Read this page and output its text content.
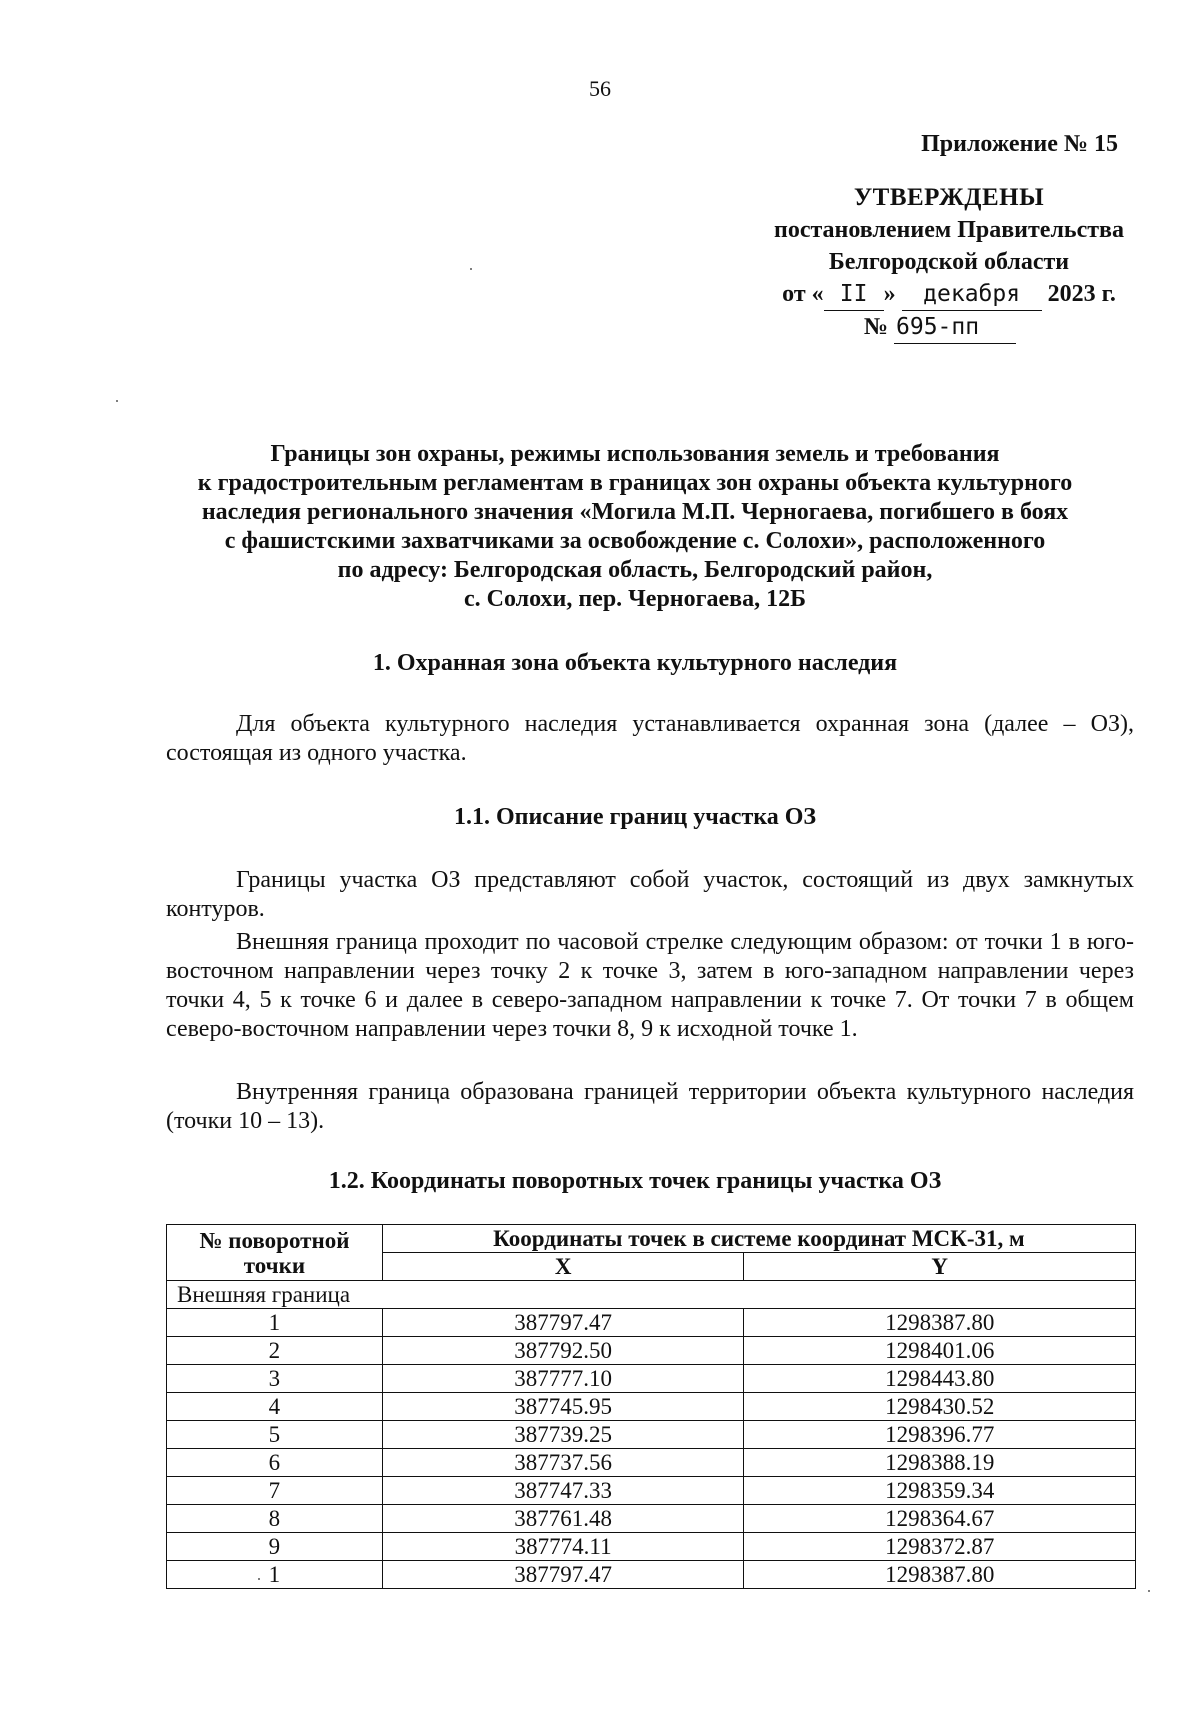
56
Приложение № 15
УТВЕРЖДЕНЫ
постановлением Правительства
Белгородской области
от « II » декабря 2023 г.
№ 695-пп
Границы зон охраны, режимы использования земель и требования
к градостроительным регламентам в границах зон охраны объекта культурного
наследия регионального значения «Могила М.П. Черногаева, погибшего в боях
с фашистскими захватчиками за освобождение с. Солохи», расположенного
по адресу: Белгородская область, Белгородский район,
с. Солохи, пер. Черногаева, 12Б
1. Охранная зона объекта культурного наследия
Для объекта культурного наследия устанавливается охранная зона (далее – ОЗ), состоящая из одного участка.
1.1. Описание границ участка ОЗ
Границы участка ОЗ представляют собой участок, состоящий из двух замкнутых контуров.
Внешняя граница проходит по часовой стрелке следующим образом: от точки 1 в юго-восточном направлении через точку 2 к точке 3, затем в юго-западном направлении через точки 4, 5 к точке 6 и далее в северо-западном направлении к точке 7. От точки 7 в общем северо-восточном направлении через точки 8, 9 к исходной точке 1.
Внутренняя граница образована границей территории объекта культурного наследия (точки 10 – 13).
1.2. Координаты поворотных точек границы участка ОЗ
№ поворотной точки	Координаты точек в системе координат МСК-31, м	
	X	Y
Внешняя граница		
1	387797.47	1298387.80
2	387792.50	1298401.06
3	387777.10	1298443.80
4	387745.95	1298430.52
5	387739.25	1298396.77
6	387737.56	1298388.19
7	387747.33	1298359.34
8	387761.48	1298364.67
9	387774.11	1298372.87
1	387797.47	1298387.80
